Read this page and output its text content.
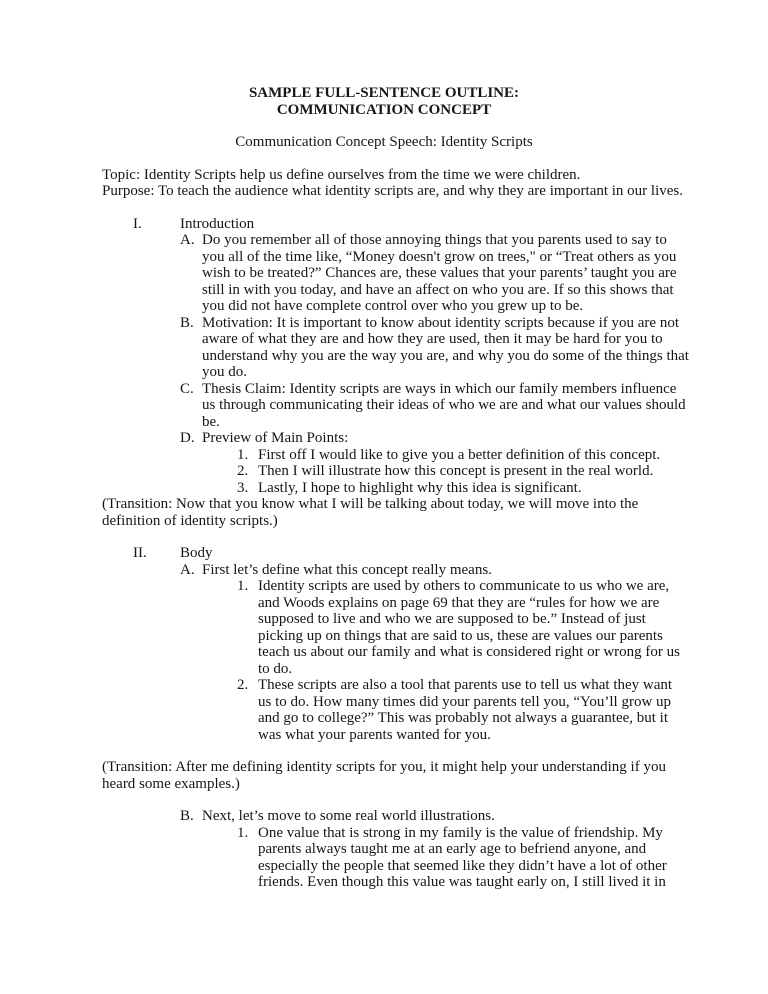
SAMPLE FULL-SENTENCE OUTLINE:
COMMUNICATION CONCEPT
Communication Concept Speech: Identity Scripts
Topic: Identity Scripts help us define ourselves from the time we were children.
Purpose: To teach the audience what identity scripts are, and why they are important in our lives.
I.	Introduction
A. Do you remember all of those annoying things that you parents used to say to
you all of the time like, “Money doesn't grow on trees," or “Treat others as you
wish to be treated?” Chances are, these values that your parents’ taught you are
still in with you today, and have an affect on who you are. If so this shows that
you did not have complete control over who you grew up to be.
B. Motivation: It is important to know about identity scripts because if you are not
aware of what they are and how they are used, then it may be hard for you to
understand why you are the way you are, and why you do some of the things that
you do.
C. Thesis Claim: Identity scripts are ways in which our family members influence
us through communicating their ideas of who we are and what our values should
be.
D. Preview of Main Points:
1. First off I would like to give you a better definition of this concept.
2. Then I will illustrate how this concept is present in the real world.
3. Lastly, I hope to highlight why this idea is significant.
(Transition: Now that you know what I will be talking about today, we will move into the
definition of identity scripts.)
II. Body
A. First let’s define what this concept really means.
1. Identity scripts are used by others to communicate to us who we are,
and Woods explains on page 69 that they are “rules for how we are
supposed to live and who we are supposed to be.” Instead of just
picking up on things that are said to us, these are values our parents
teach us about our family and what is considered right or wrong for us
to do.
2. These scripts are also a tool that parents use to tell us what they want
us to do. How many times did your parents tell you, “You’ll grow up
and go to college?” This was probably not always a guarantee, but it
was what your parents wanted for you.
(Transition: After me defining identity scripts for you, it might help your understanding if you
heard some examples.)
B. Next, let’s move to some real world illustrations.
1. One value that is strong in my family is the value of friendship. My
parents always taught me at an early age to befriend anyone, and
especially the people that seemed like they didn’t have a lot of other
friends. Even though this value was taught early on, I still lived it in
